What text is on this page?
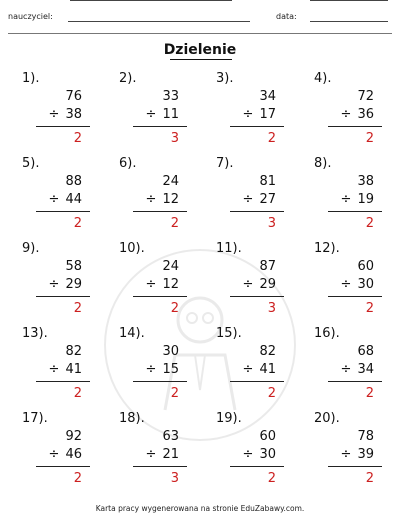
nauczyciel:	data:
Dzielenie
1).
76
÷ 38
2
2).
33
÷ 11
3
3).
34
÷ 17
2
4).
72
÷ 36
2
5).
88
÷ 44
2
6).
24
÷ 12
2
7).
81
÷ 27
3
8).
38
÷ 19
2
9).
58
÷ 29
2
10).
24
÷ 12
2
11).
87
÷ 29
3
12).
60
÷ 30
2
13).
82
÷ 41
2
14).
30
÷ 15
2
15).
82
÷ 41
2
16).
68
÷ 34
2
17).
92
÷ 46
2
18).
63
÷ 21
3
19).
60
÷ 30
2
20).
78
÷ 39
2
Karta pracy wygenerowana na stronie EduZabawy.com.
